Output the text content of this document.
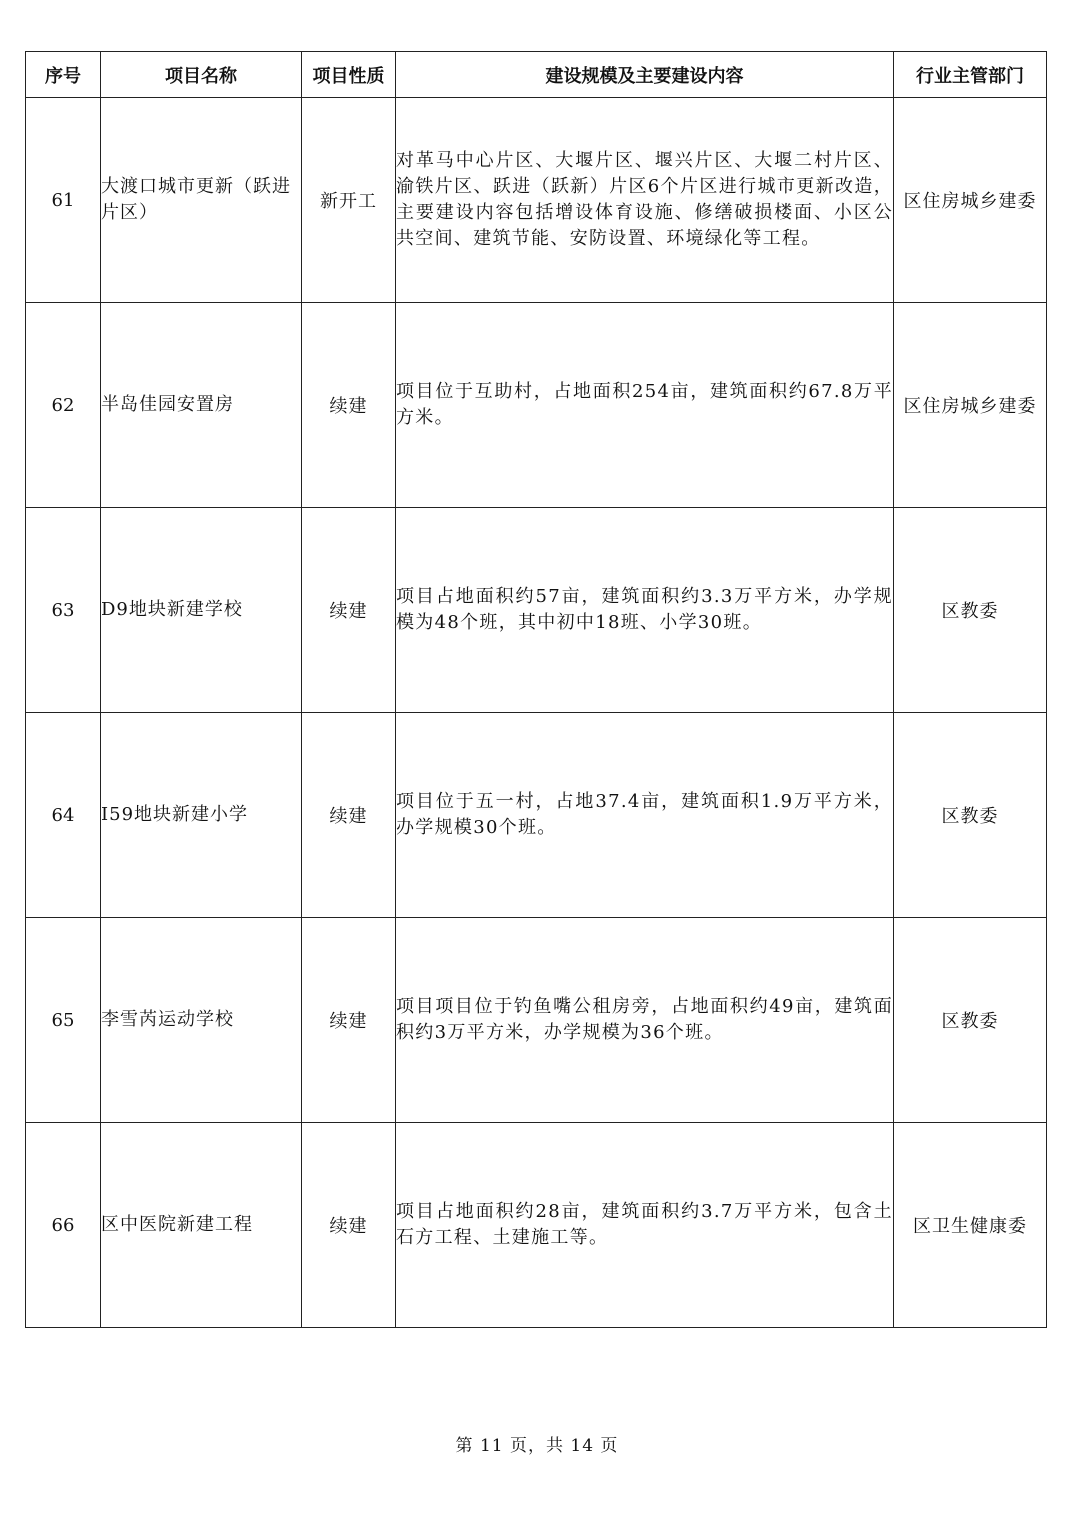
序号	项目名称	项目性质	建设规模及主要建设内容	行业主管部门
61	大渡口城市更新（跃进片区）	新开工	对革马中心片区、大堰片区、堰兴片区、大堰二村片区、渝铁片区、跃进（跃新）片区6个片区进行城市更新改造，主要建设内容包括增设体育设施、修缮破损楼面、小区公共空间、建筑节能、安防设置、环境绿化等工程。	区住房城乡建委
62	半岛佳园安置房	续建	项目位于互助村，占地面积254亩，建筑面积约67.8万平方米。	区住房城乡建委
63	D9地块新建学校	续建	项目占地面积约57亩，建筑面积约3.3万平方米，办学规模为48个班，其中初中18班、小学30班。	区教委
64	I59地块新建小学	续建	项目位于五一村，占地37.4亩，建筑面积1.9万平方米，办学规模30个班。	区教委
65	李雪芮运动学校	续建	项目项目位于钓鱼嘴公租房旁，占地面积约49亩，建筑面积约3万平方米，办学规模为36个班。	区教委
66	区中医院新建工程	续建	项目占地面积约28亩，建筑面积约3.7万平方米，包含土石方工程、土建施工等。	区卫生健康委
第 11 页，共 14 页
